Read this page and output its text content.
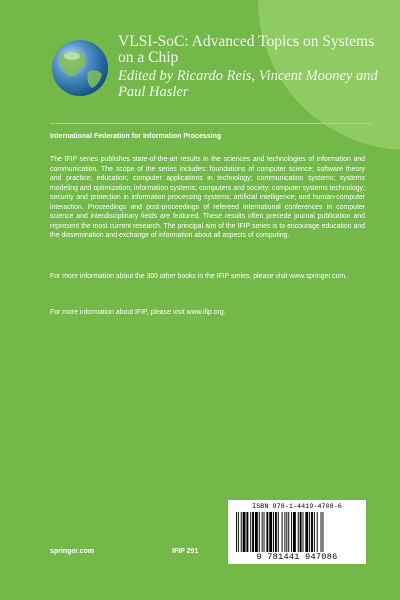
VLSI-SoC: Advanced Topics on Systems on a Chip
Edited by Ricardo Reis, Vincent Mooney and Paul Hasler
International Federation for Information Processing

The IFIP series publishes state-of-the-art results in the sciences and technologies of information and communication. The scope of the series includes: foundations of computer science; software theory and practice; education; computer applications in technology; communication systems; systems modeling and optimization; information systems; computers and society; computer systems technology; security and protection in information processing systems; artificial intelligence; and human-computer interaction. Proceedings and post-proceedings of refereed international conferences in computer science and interdisciplinary fields are featured. These results often precede journal publication and represent the most current research. The principal aim of the IFIP series is to encourage education and the dissemination and exchange of information about all aspects of computing.

For more information about the 300 other books in the IFIP series, please visit www.springer.com.

For more information about IFIP, please visit www.ifip.org.

springer.com	IFIP 291
ISBN 978-1-4419-4708-6
9 781441 947086
